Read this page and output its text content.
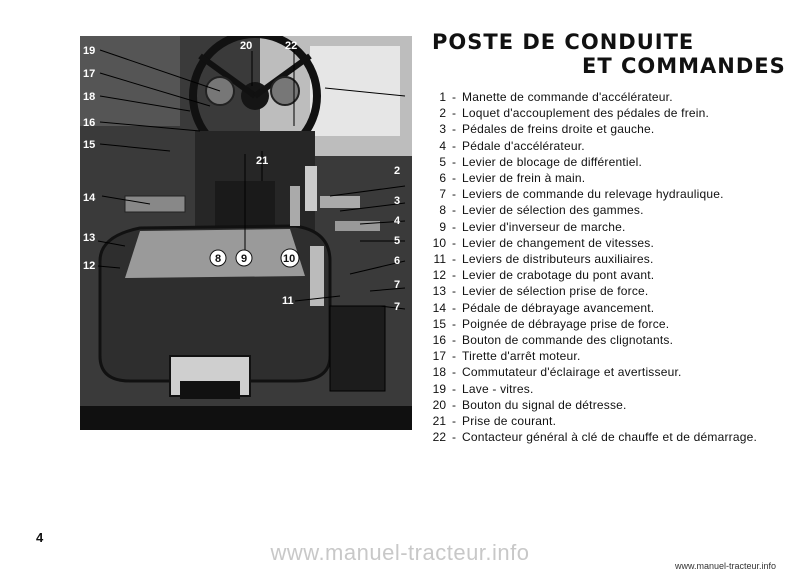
19
17
18
16
15
14
13
12
20	22
21
8 9	10
11
2
3
4
5
6
7
7
POSTE DE CONDUITE
ET COMMANDES
1 - Manette de commande d'accélérateur.
2 - Loquet d'accouplement des pédales de frein.
3 - Pédales de freins droite et gauche.
4 - Pédale d'accélérateur.
5 - Levier de blocage de différentiel.
6 - Levier de frein à main.
7 - Leviers de commande du relevage hydraulique.
8 - Levier de sélection des gammes.
9 - Levier d'inverseur de marche.
10 - Levier de changement de vitesses.
11 - Leviers de distributeurs auxiliaires.
12 - Levier de crabotage du pont avant.
13 - Levier de sélection prise de force.
14 - Pédale de débrayage avancement.
15 - Poignée de débrayage prise de force.
16 - Bouton de commande des clignotants.
17 - Tirette d'arrêt moteur.
18 - Commutateur d'éclairage et avertisseur.
19 - Lave - vitres.
20 - Bouton du signal de détresse.
21 - Prise de courant.
22 - Contacteur général à clé de chauffe et de démarrage.
4
www.manuel-tracteur.info
www.manuel-tracteur.info
